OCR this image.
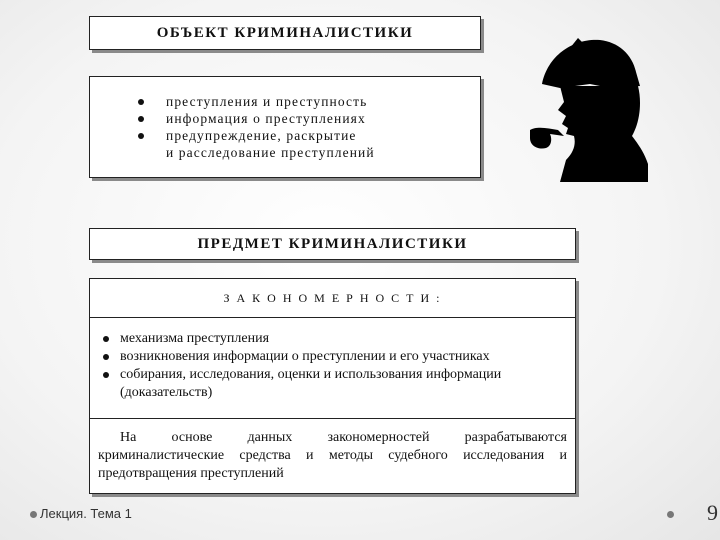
ОБЪЕКТ КРИМИНАЛИСТИКИ
преступления и преступность
информация о преступлениях
предупреждение, раскрытие
и расследование преступлений
ПРЕДМЕТ КРИМИНАЛИСТИКИ
З А К О Н О М Е Р Н О С Т И :
механизма преступления
возникновения информации о преступлении и его участниках
собирания, исследования, оценки и использования информации (доказательств)
На основе данных закономерностей разрабатываются криминалистические средства и методы судебного исследования и предотвращения преступлений
Лекция. Тема 1	9
